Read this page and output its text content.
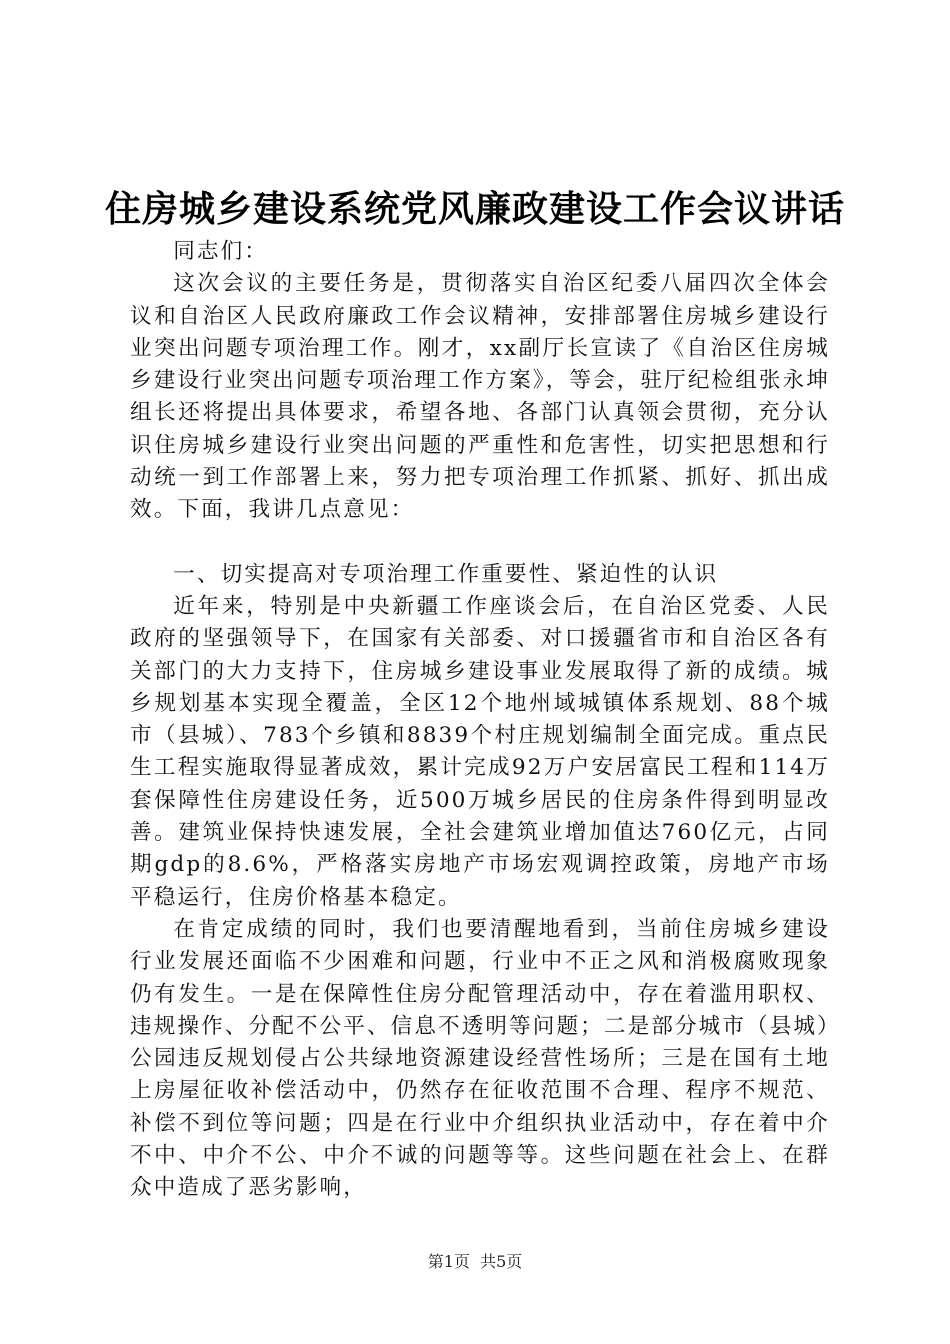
住房城乡建设系统党风廉政建设工作会议讲话

同志们：

这次会议的主要任务是，贯彻落实自治区纪委八届四次全体会议和自治区人民政府廉政工作会议精神，安排部署住房城乡建设行业突出问题专项治理工作。刚才，xx副厅长宣读了《自治区住房城乡建设行业突出问题专项治理工作方案》，等会，驻厅纪检组张永坤组长还将提出具体要求，希望各地、各部门认真领会贯彻，充分认识住房城乡建设行业突出问题的严重性和危害性，切实把思想和行动统一到工作部署上来，努力把专项治理工作抓紧、抓好、抓出成效。下面，我讲几点意见：

一、切实提高对专项治理工作重要性、紧迫性的认识

近年来，特别是中央新疆工作座谈会后，在自治区党委、人民政府的坚强领导下，在国家有关部委、对口援疆省市和自治区各有关部门的大力支持下，住房城乡建设事业发展取得了新的成绩。城乡规划基本实现全覆盖，全区12个地州域城镇体系规划、88个城市（县城）、783个乡镇和8839个村庄规划编制全面完成。重点民生工程实施取得显著成效，累计完成92万户安居富民工程和114万套保障性住房建设任务，近500万城乡居民的住房条件得到明显改善。建筑业保持快速发展，全社会建筑业增加值达760亿元，占同期gdp的8.6%，严格落实房地产市场宏观调控政策，房地产市场平稳运行，住房价格基本稳定。

在肯定成绩的同时，我们也要清醒地看到，当前住房城乡建设行业发展还面临不少困难和问题，行业中不正之风和消极腐败现象仍有发生。一是在保障性住房分配管理活动中，存在着滥用职权、违规操作、分配不公平、信息不透明等问题；二是部分城市（县城）公园违反规划侵占公共绿地资源建设经营性场所；三是在国有土地上房屋征收补偿活动中，仍然存在征收范围不合理、程序不规范、补偿不到位等问题；四是在行业中介组织执业活动中，存在着中介不中、中介不公、中介不诚的问题等等。这些问题在社会上、在群众中造成了恶劣影响，

第1页 共5页
